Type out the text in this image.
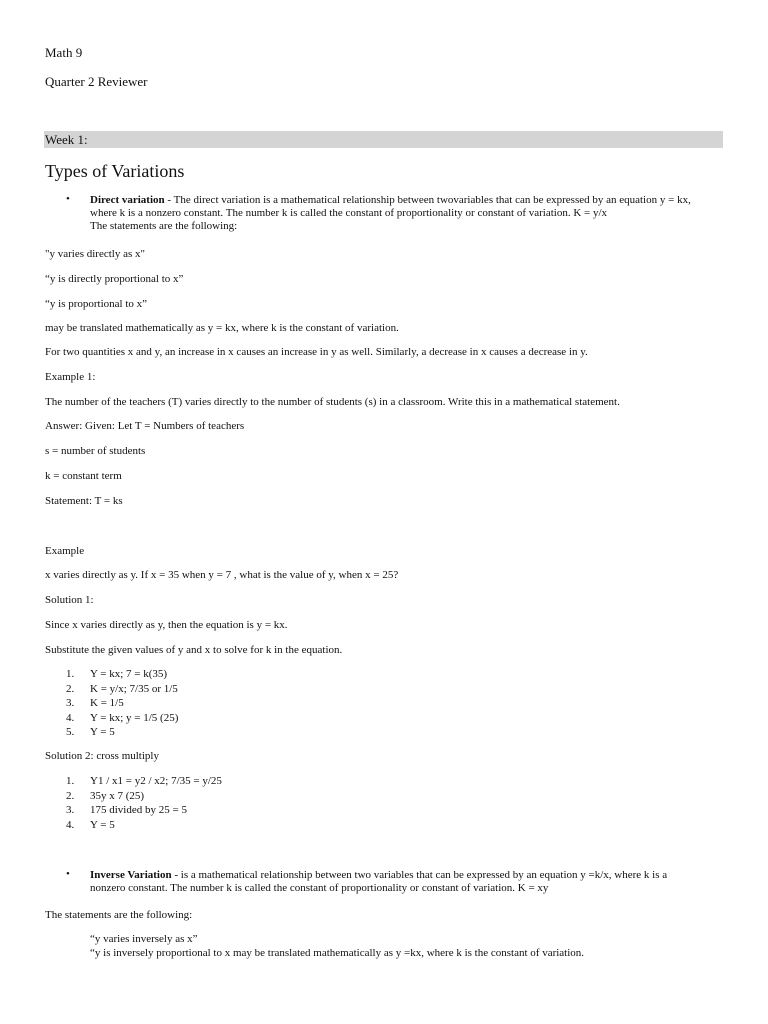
Math 9
Quarter 2 Reviewer
Week 1:
Types of Variations
• Direct variation - The direct variation is a mathematical relationship between twovariables that can be expressed by an equation y = kx,
where k is a nonzero constant. The number k is called the constant of proportionality or constant of variation. K = y/x
The statements are the following:
"y varies directly as x"
“y is directly proportional to x”
“y is proportional to x”
may be translated mathematically as y = kx, where k is the constant of variation.
For two quantities x and y, an increase in x causes an increase in y as well. Similarly, a decrease in x causes a decrease in y.
Example 1:
The number of the teachers (T) varies directly to the number of students (s) in a classroom. Write this in a mathematical statement.
Answer: Given: Let T = Numbers of teachers
s = number of students
k = constant term
Statement: T = ks
Example
x varies directly as y. If x = 35 when y = 7 , what is the value of y, when x = 25?
Solution 1:
Since x varies directly as y, then the equation is y = kx.
Substitute the given values of y and x to solve for k in the equation.
1.	Y = kx; 7 = k(35)
2.	K = y/x; 7/35 or 1/5
3.	K = 1/5
4.	Y = kx; y = 1/5 (25)
5.	Y = 5
Solution 2: cross multiply
1.	Y1 / x1 = y2 / x2; 7/35 = y/25
2.	35y x 7 (25)
3.	175 divided by 25 = 5
4.	Y = 5
• Inverse Variation - is a mathematical relationship between two variables that can be expressed by an equation y =k/x, where k is a
nonzero constant. The number k is called the constant of proportionality or constant of variation. K = xy
The statements are the following:
“y varies inversely as x”
“y is inversely proportional to x may be translated mathematically as y =kx, where k is the constant of variation.
